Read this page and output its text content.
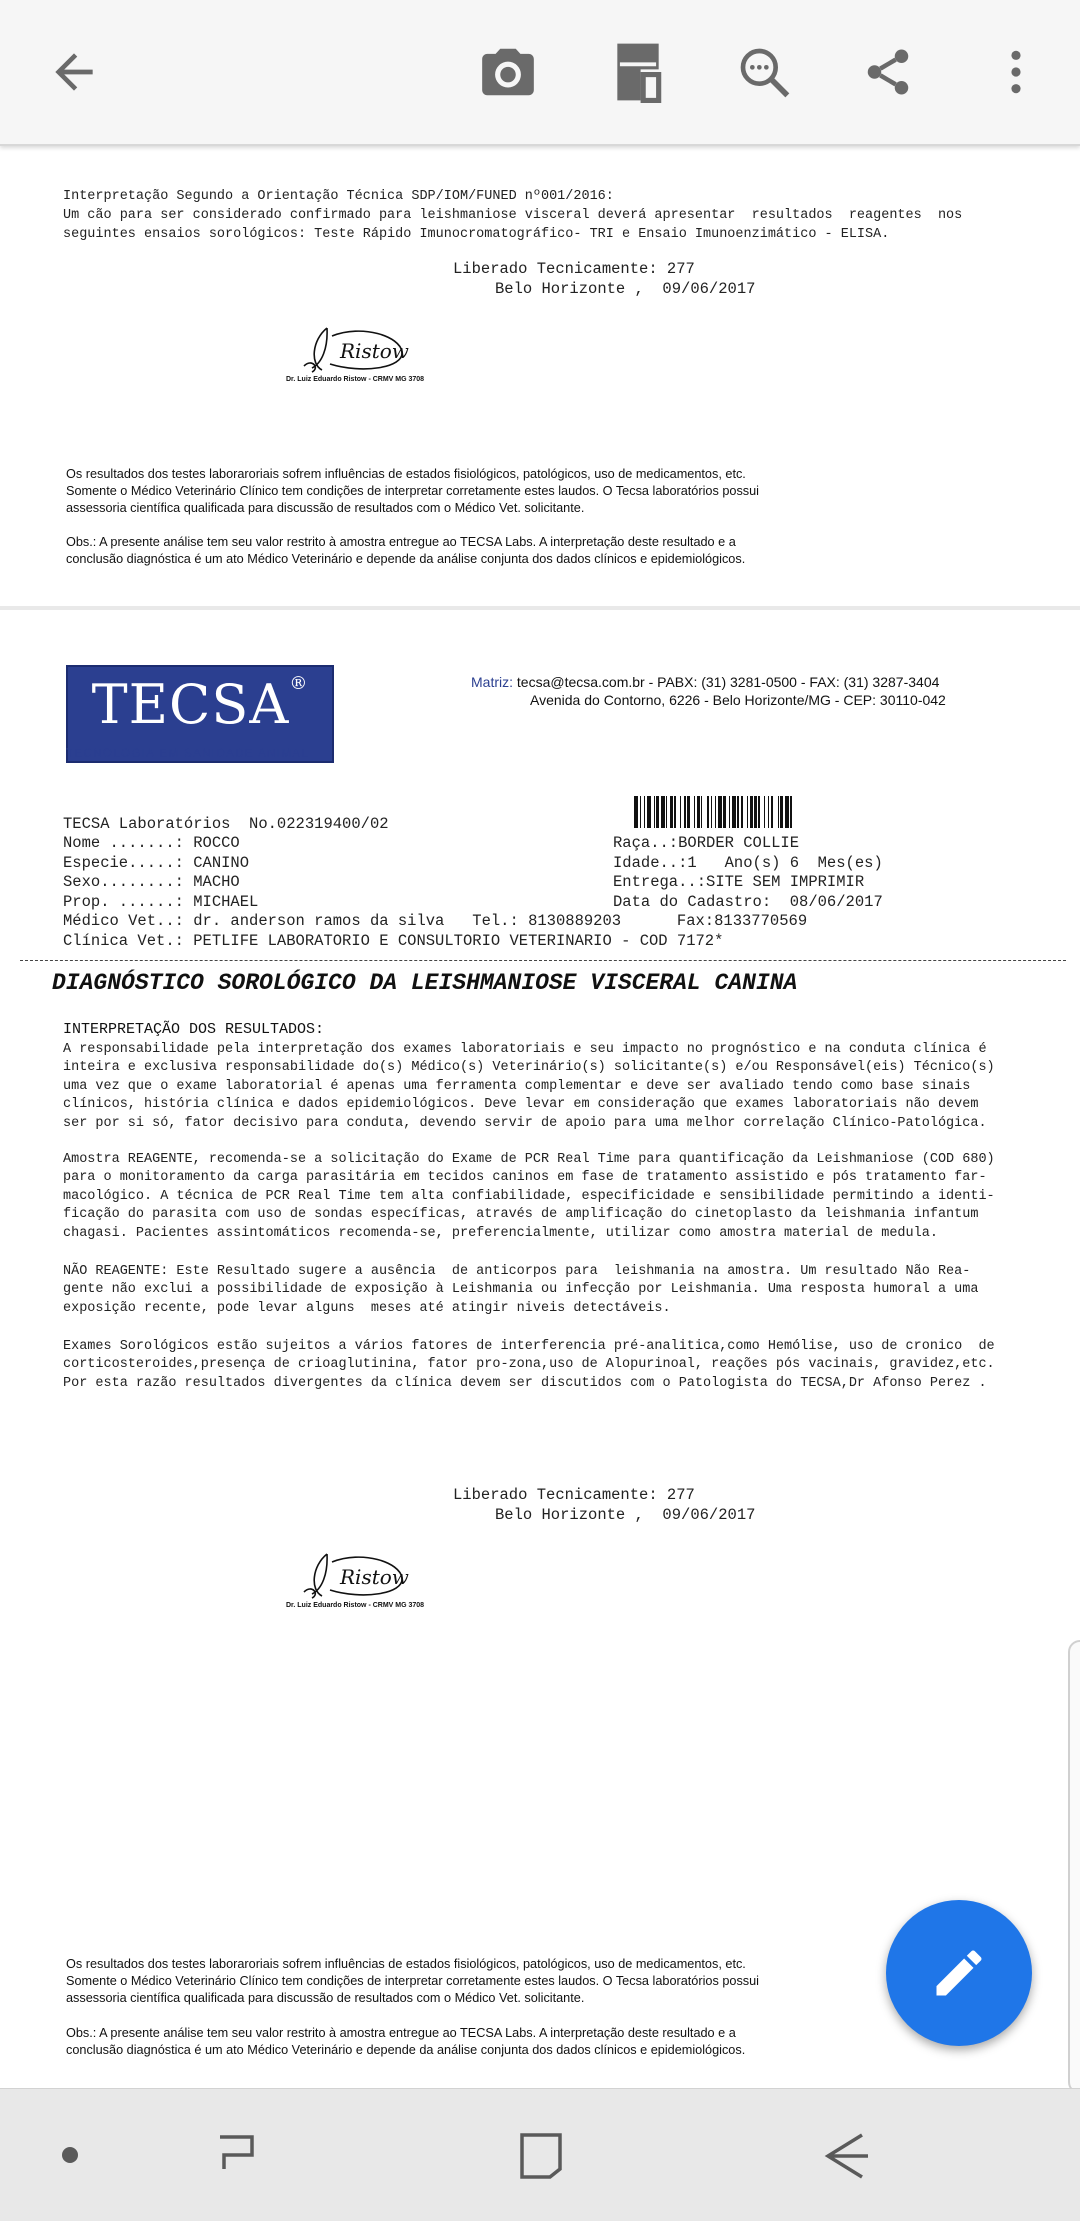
Interpretação Segundo a Orientação Técnica SDP/IOM/FUNED nº001/2016:
Um cão para ser considerado confirmado para leishmaniose visceral deverá apresentar  resultados  reagentes  nos
seguintes ensaios sorológicos: Teste Rápido Imunocromatográfico- TRI e Ensaio Imunoenzimático - ELISA.
Liberado Tecnicamente: 277
Belo Horizonte ,  09/06/2017
Ristow
Dr. Luiz Eduardo Ristow - CRMV MG 3708
Os resultados dos testes laboraroriais sofrem influências de estados fisiológicos, patológicos, uso de medicamentos, etc.
Somente o Médico Veterinário Clínico tem condições de interpretar corretamente estes laudos. O Tecsa laboratórios possui
assessoria científica qualificada para discussão de resultados com o Médico Vet. solicitante.
Obs.: A presente análise tem seu valor restrito à amostra entregue ao TECSA Labs. A interpretação deste resultado e a
conclusão diagnóstica é um ato Médico Veterinário e depende da análise conjunta dos dados clínicos e epidemiológicos.
TECSA®
TECNOLOGIA EM SANIDADE ANIMAL
Matriz: tecsa@tecsa.com.br - PABX: (31) 3281-0500 - FAX: (31) 3287-3404
Avenida do Contorno, 6226 - Belo Horizonte/MG - CEP: 30110-042
TECSA Laboratórios  No.022319400/02
Nome .......: ROCCO
Especie.....: CANINO
Sexo........: MACHO
Prop. ......: MICHAEL
Médico Vet..: dr. anderson ramos da silva   Tel.: 8130889203      Fax:8133770569
Clínica Vet.: PETLIFE LABORATORIO E CONSULTORIO VETERINARIO - COD 7172*
Raça..:BORDER COLLIE
Idade..:1   Ano(s) 6  Mes(es)
Entrega..:SITE SEM IMPRIMIR
Data do Cadastro:  08/06/2017
DIAGNÓSTICO SOROLÓGICO DA LEISHMANIOSE VISCERAL CANINA
INTERPRETAÇÃO DOS RESULTADOS:
A responsabilidade pela interpretação dos exames laboratoriais e seu impacto no prognóstico e na conduta clínica é
inteira e exclusiva responsabilidade do(s) Médico(s) Veterinário(s) solicitante(s) e/ou Responsável(eis) Técnico(s)
uma vez que o exame laboratorial é apenas uma ferramenta complementar e deve ser avaliado tendo como base sinais
clínicos, história clínica e dados epidemiológicos. Deve levar em consideração que exames laboratoriais não devem
ser por si só, fator decisivo para conduta, devendo servir de apoio para uma melhor correlação Clínico-Patológica.
Amostra REAGENTE, recomenda-se a solicitação do Exame de PCR Real Time para quantificação da Leishmaniose (COD 680)
para o monitoramento da carga parasitária em tecidos caninos em fase de tratamento assistido e pós tratamento far-
macológico. A técnica de PCR Real Time tem alta confiabilidade, especificidade e sensibilidade permitindo a identi-
ficação do parasita com uso de sondas específicas, através de amplificação do cinetoplasto da leishmania infantum
chagasi. Pacientes assintomáticos recomenda-se, preferencialmente, utilizar como amostra material de medula.
NÃO REAGENTE: Este Resultado sugere a ausência  de anticorpos para  leishmania na amostra. Um resultado Não Rea-
gente não exclui a possibilidade de exposição à Leishmania ou infecção por Leishmania. Uma resposta humoral a uma
exposição recente, pode levar alguns  meses até atingir niveis detectáveis.
Exames Sorológicos estão sujeitos a vários fatores de interferencia pré-analitica,como Hemólise, uso de cronico  de
corticosteroides,presença de crioaglutinina, fator pro-zona,uso de Alopurinoal, reações pós vacinais, gravidez,etc.
Por esta razão resultados divergentes da clínica devem ser discutidos com o Patologista do TECSA,Dr Afonso Perez .
Liberado Tecnicamente: 277
Belo Horizonte ,  09/06/2017
Ristow
Dr. Luiz Eduardo Ristow - CRMV MG 3708
Os resultados dos testes laboraroriais sofrem influências de estados fisiológicos, patológicos, uso de medicamentos, etc.
Somente o Médico Veterinário Clínico tem condições de interpretar corretamente estes laudos. O Tecsa laboratórios possui
assessoria científica qualificada para discussão de resultados com o Médico Vet. solicitante.
Obs.: A presente análise tem seu valor restrito à amostra entregue ao TECSA Labs. A interpretação deste resultado e a
conclusão diagnóstica é um ato Médico Veterinário e depende da análise conjunta dos dados clínicos e epidemiológicos.
